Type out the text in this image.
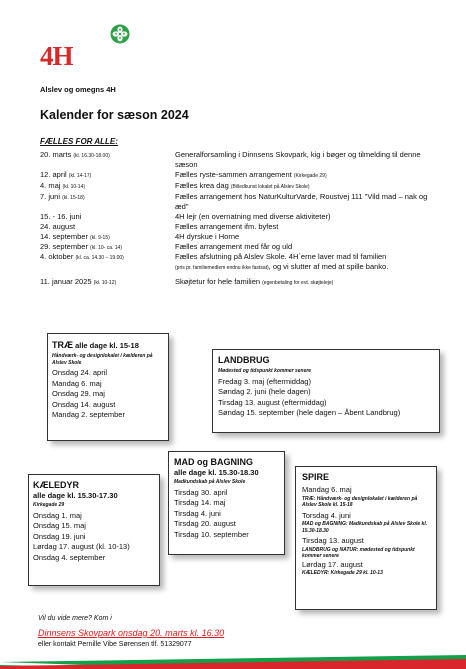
4H
H
H
H H
Alslev og omegns 4H
Kalender for sæson 2024
FÆLLES FOR ALLE:
20. marts (kl. 16.30-18.00)	Generalforsamling i Dinnsens Skovpark, kig i bøger og tilmelding til denne sæson
12. april (kl. 14-17)	Fælles ryste-sammen arrangement (Kirkegade 29)
4. maj (kl. 10-14)	Fælles krea dag (Billedkunst lokalet på Alslev Skole)
7. juni (kl. 15-18)	Fælles arrangement hos NaturKulturVarde, Roustvej 111 "Vild mad – nak og æd"
15. - 16. juni	4H lejr (en overnatning med diverse aktiviteter)
24. august	Fælles arrangement ifm. byfest
14. september (kl. 9-15)	4H dyrskue i Horne
29. september (kl. 10- ca. 14)	Fælles arrangement med får og uld
4. oktober (kl. ca. 14.30 – 19.00)	Fælles afslutning på Alslev Skole. 4H´erne laver mad til familien
(pris pr. familiemedlem endnu ikke fastsat), og vi slutter af med at spille banko.
11. januar 2025 (kl. 10-12)	Skøjtetur for hele familien (egenbetaling for evt. skøjteleje)
TRÆ alle dage kl. 15-18
Håndværk- og designlokalet i kælderen på Alslev Skole
Onsdag 24. april
Mandag 6. maj
Onsdag 29. maj
Onsdag 14. august
Mandag 2. september
LANDBRUG
Mødested og tidspunkt kommer senere
Fredag 3. maj (eftermiddag)
Søndag 2. juni (hele dagen)
Tirsdag 13. august (eftermiddag)
Søndag 15. september (hele dagen – Åbent Landbrug)
KÆLEDYR
alle dage kl. 15.30-17.30
Kirkegade 29
Onsdag 1. maj
Onsdag 15. maj
Onsdag 19. juni
Lørdag 17. august (kl. 10-13)
Onsdag 4. september
MAD og BAGNING
alle dage kl. 15.30-18.30
Madkundskab på Alslev Skole
Tirsdag 30. april
Tirsdag 14. maj
Tirsdag 4. juni
Tirsdag 20. august
Tirsdag 10. september
SPIRE
Mandag 6. maj
TRÆ: Håndværk- og designlokalet i kælderen på Alslev Skole kl. 15-18
Torsdag 4. juni
MAD og BAGNING: Madkundskab på Alslev Skole kl. 15.30-18.30
Tirsdag 13. august
LANDBRUG og NATUR: mødested og tidspunkt kommer senere
Lørdag 17. august
KÆLEDYR: Kirkegade 29 kl. 10-13
Vil du vide mere? Kom i
Dinnsens Skovpark onsdag 20. marts kl. 16.30
eller kontakt Pernille Vibe Sørensen tlf. 51329077
